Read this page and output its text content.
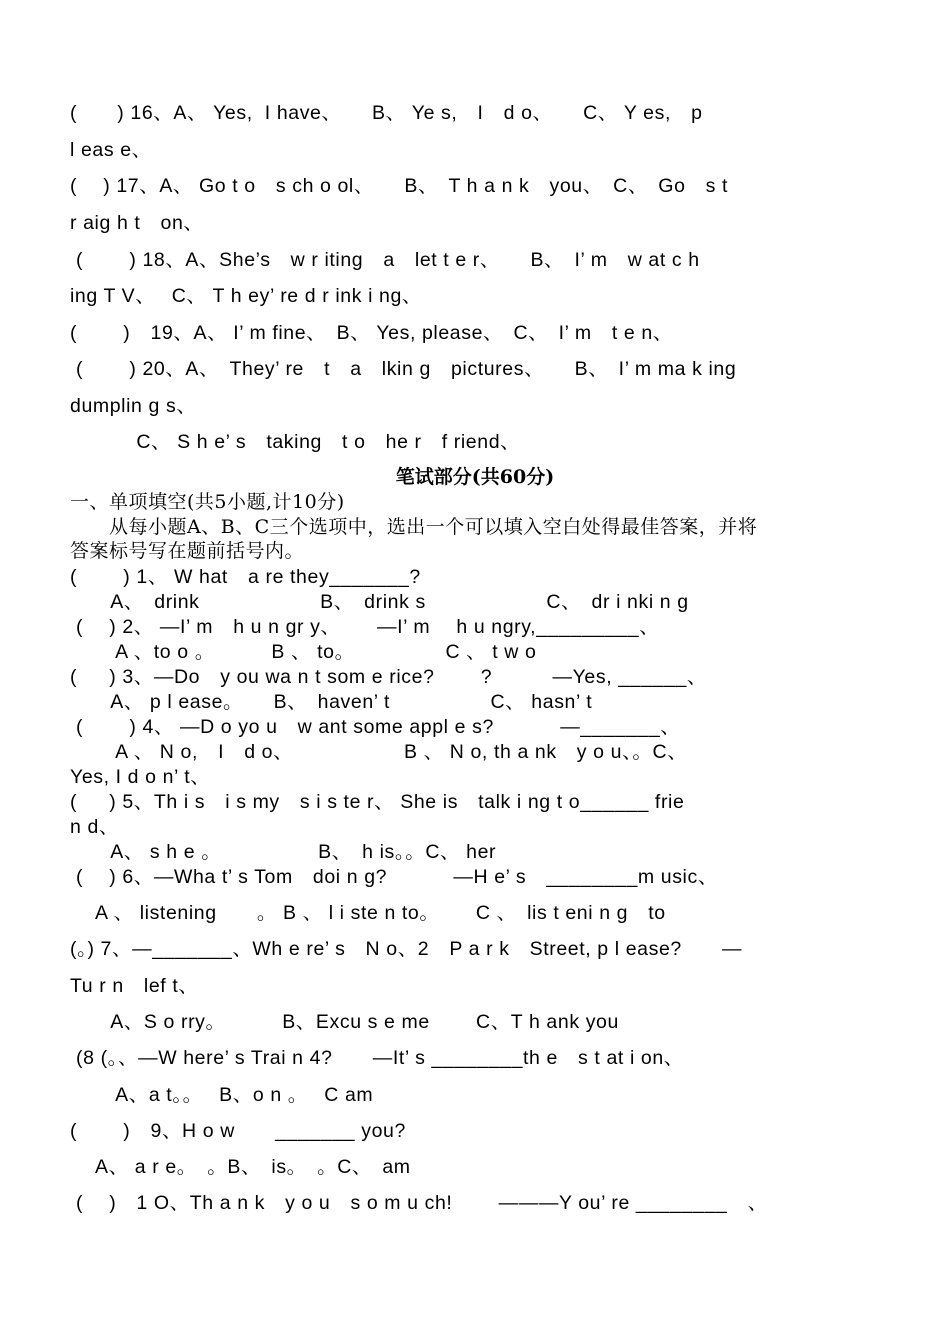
(　　) 16、A、 Yes,  I have、　　B、 Ye s,　I　d o、　　C、 Y es,　p
l eas e、
(　 ) 17、A、 Go t o　s ch o ol、　　B、　T h a n k　you、　C、　Go　s t
r aig h t　on、
(　　 ) 18、A、She’s　w r iting　a　let t e r、　　B、　I’ m　w at c h
ing T V、　 C、 T h ey’ re d r ink i ng、
(　　 )　19、A、 I’ m fine、　B、 Yes, please、　C、　I’ m　t e n、
(　　 ) 20、A、　They’ re　t　a　lkin g　pictures、　　B、　I’ m ma k ing
dumplin g s、
　　　 C、 S h e’ s　taking　t o　he r　f riend、
笔试部分(共60分)
一、单项填空(共5小题,计10分)
　　从每小题A、B、C三个选项中，选出一个可以填入空白处得最佳答案，并将
答案标号写在题前括号内。
(　　 ) 1、 W hat　a re they_______?
　　A、　drink　　　　　　B、　drink s　　　　　　C、　dr i nki n g
(　 ) 2、 —I’ m　h u n gr y、　　 —I’ m　 h u ngry,_________、
　　 A 、to o 。　　　 B 、 to。　　　　　C 、 t w o
(　  ) 3、—Do　y ou wa n t som e rice?　　 ?　　　—Yes, ______、
　　A、 p l ease。　　B、　haven’ t　　　　　C、 hasn’ t
(　　 ) 4、 —D o yo u　w ant some appl e s?　　　 —_______、
　　 A 、 N o,　I　d o、　　　　　　B 、 N o, th a nk　y o u、。C、
Yes, I d o n’ t、
(　  ) 5、Th i s　i s my　s i s te r、 She is　talk i ng t o______ frie
n d、
　　A、 s h e 。　　　　　 B、　h is。。C、 her
(　 ) 6、—Wha t’ s Tom　doi n g?　　　 —H e’ s　________m usic、
　 A 、 listening　　。 B 、 l i ste n to。　　 C 、　lis t eni n g　to
(。) 7、—_______、Wh e re’ s　N o、2　P a r k　Street, p l ease?　　—
Tu r n　lef t、
　　A、S o rry。　　　 B、Excu s e me　　 C、T h ank you
(8 (。、—W here’ s Trai n 4?　　—It’ s ________th e　s t at i on、
　　 A、a t。。　 B、o n 。　 C am
(　　 )　9、H o w　　_______ you?
　 A、 a r e。　。B、　is。　。C、　am
(　 )　1 O、Th a n k　y o u　s o m u ch!　　 ———Y ou’ re ________　、
